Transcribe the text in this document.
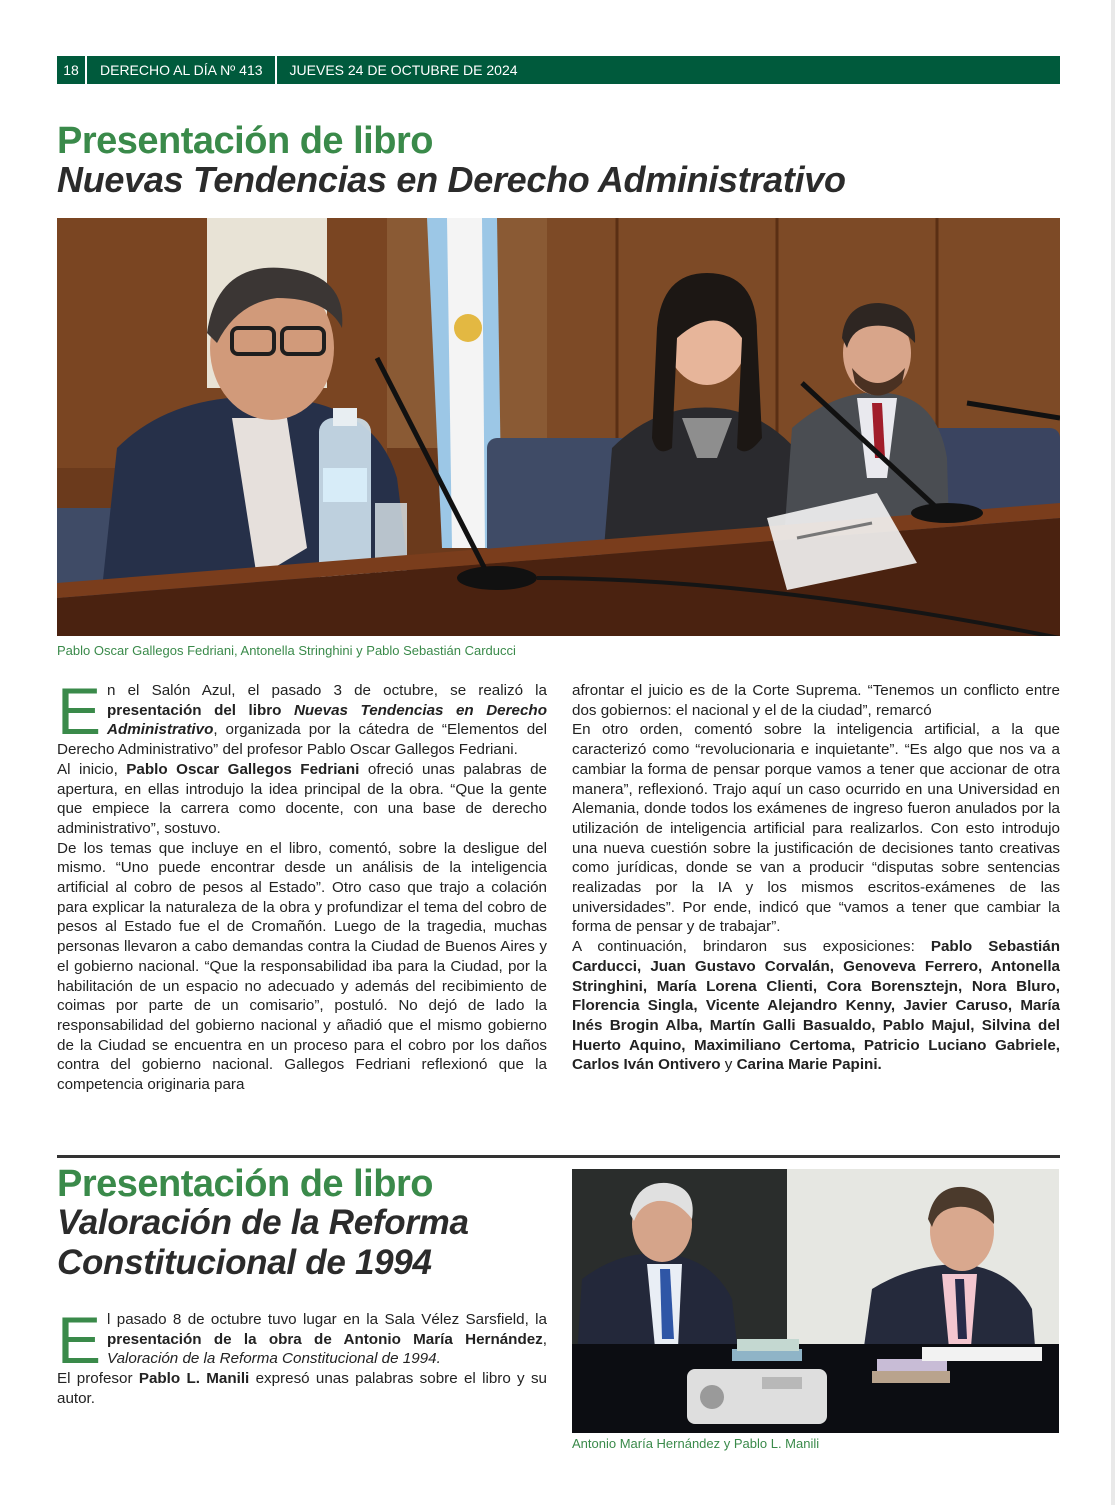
18	DERECHO AL DÍA Nº 413	JUEVES 24 DE OCTUBRE DE 2024
Presentación de libro
Nuevas Tendencias en Derecho Administrativo
Pablo Oscar Gallegos Fedriani, Antonella Stringhini y Pablo Sebastián Carducci

En el Salón Azul, el pasado 3 de octubre, se realizó la presentación del libro Nuevas Tendencias en Derecho Administrativo, organizada por la cátedra de “Elementos del Derecho Administrativo” del profesor Pablo Oscar Gallegos Fedriani.

Al inicio, Pablo Oscar Gallegos Fedriani ofreció unas palabras de apertura, en ellas introdujo la idea principal de la obra. “Que la gente que empiece la carrera como docente, con una base de derecho administrativo”, sostuvo.

De los temas que incluye en el libro, comentó, sobre la desligue del mismo. “Uno puede encontrar desde un análisis de la inteligencia artificial al cobro de pesos al Estado”. Otro caso que trajo a colación para explicar la naturaleza de la obra y profundizar el tema del cobro de pesos al Estado fue el de Cromañón. Luego de la tragedia, muchas personas llevaron a cabo demandas contra la Ciudad de Buenos Aires y el gobierno nacional. “Que la responsabilidad iba para la Ciudad, por la habilitación de un espacio no adecuado y además del recibimiento de coimas por parte de un comisario”, postuló. No dejó de lado la responsabilidad del gobierno nacional y añadió que el mismo gobierno de la Ciudad se encuentra en un proceso para el cobro por los daños contra del gobierno nacional. Gallegos Fedriani reflexionó que la competencia originaria para

afrontar el juicio es de la Corte Suprema. “Tenemos un conflicto entre dos gobiernos: el nacional y el de la ciudad”, remarcó

En otro orden, comentó sobre la inteligencia artificial, a la que caracterizó como “revolucionaria e inquietante”. “Es algo que nos va a cambiar la forma de pensar porque vamos a tener que accionar de otra manera”, reflexionó. Trajo aquí un caso ocurrido en una Universidad en Alemania, donde todos los exámenes de ingreso fueron anulados por la utilización de inteligencia artificial para realizarlos. Con esto introdujo una nueva cuestión sobre la justificación de decisiones tanto creativas como jurídicas, donde se van a producir “disputas sobre sentencias realizadas por la IA y los mismos escritos-exámenes de las universidades”. Por ende, indicó que “vamos a tener que cambiar la forma de pensar y de trabajar”.

A continuación, brindaron sus exposiciones: Pablo Sebastián Carducci, Juan Gustavo Corvalán, Genoveva Ferrero, Antonella Stringhini, María Lorena Clienti, Cora Borensztejn, Nora Bluro, Florencia Singla, Vicente Alejandro Kenny, Javier Caruso, María Inés Brogin Alba, Martín Galli Basualdo, Pablo Majul, Silvina del Huerto Aquino, Maximiliano Certoma, Patricio Luciano Gabriele, Carlos Iván Ontivero y Carina Marie Papini.

Presentación de libro
Valoración de la Reforma
Constitucional de 1994

El pasado 8 de octubre tuvo lugar en la Sala Vélez Sarsfield, la presentación de la obra de Antonio María Hernández, Valoración de la Reforma Constitucional de 1994.

El profesor Pablo L. Manili expresó unas palabras sobre el libro y su autor.

Antonio María Hernández y Pablo L. Manili
